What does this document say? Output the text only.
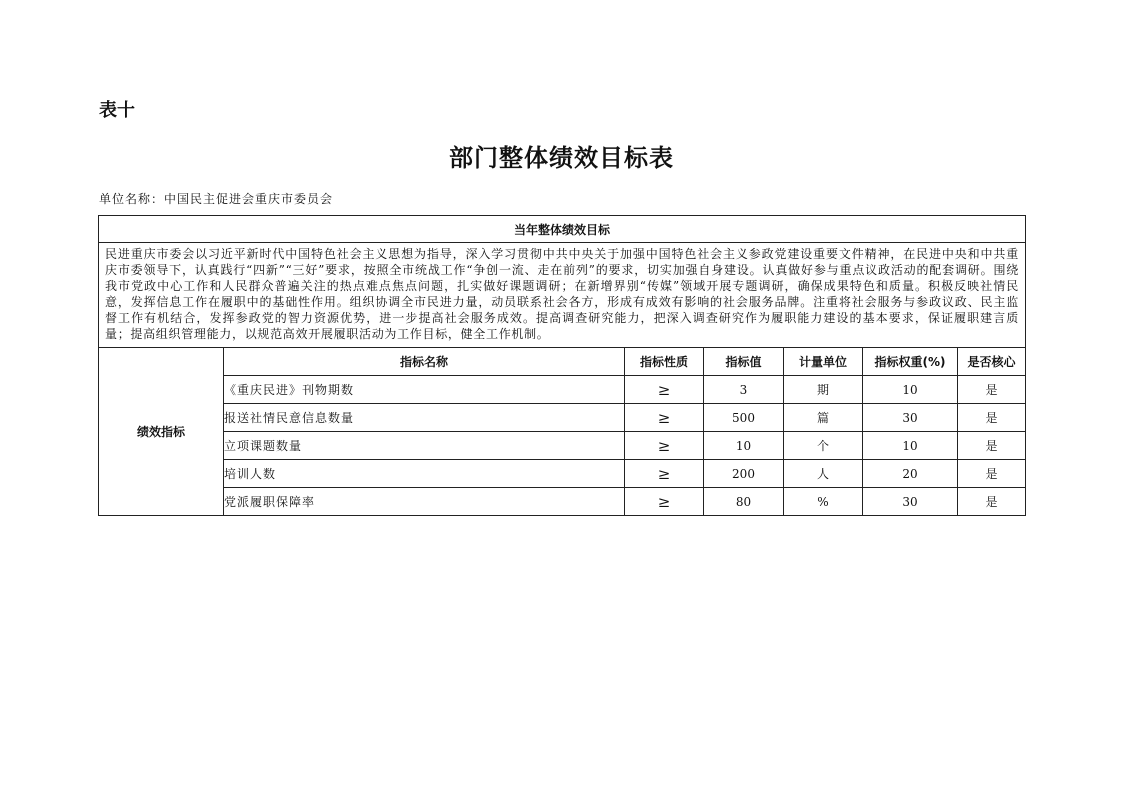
表十
部门整体绩效目标表
单位名称：中国民主促进会重庆市委员会
当年整体绩效目标						
民进重庆市委会以习近平新时代中国特色社会主义思想为指导，深入学习贯彻中共中央关于加强中国特色社会主义参政党建设重要文件精神，在民进中央和中共重庆市委领导下，认真践行“四新”“三好”要求，按照全市统战工作“争创一流、走在前列”的要求，切实加强自身建设。认真做好参与重点议政活动的配套调研。围绕我市党政中心工作和人民群众普遍关注的热点难点焦点问题，扎实做好课题调研；在新增界别“传媒”领域开展专题调研，确保成果特色和质量。积极反映社情民意，发挥信息工作在履职中的基础性作用。组织协调全市民进力量，动员联系社会各方，形成有成效有影响的社会服务品牌。注重将社会服务与参政议政、民主监督工作有机结合，发挥参政党的智力资源优势，进一步提高社会服务成效。提高调查研究能力，把深入调查研究作为履职能力建设的基本要求，保证履职建言质量；提高组织管理能力，以规范高效开展履职活动为工作目标，健全工作机制。						
绩效指标	指标名称	指标性质	指标值	计量单位	指标权重(%)	是否核心
	《重庆民进》刊物期数	≥	3	期	10	是
	报送社情民意信息数量	≥	500	篇	30	是
	立项课题数量	≥	10	个	10	是
	培训人数	≥	200	人	20	是
	党派履职保障率	≥	80	%	30	是
